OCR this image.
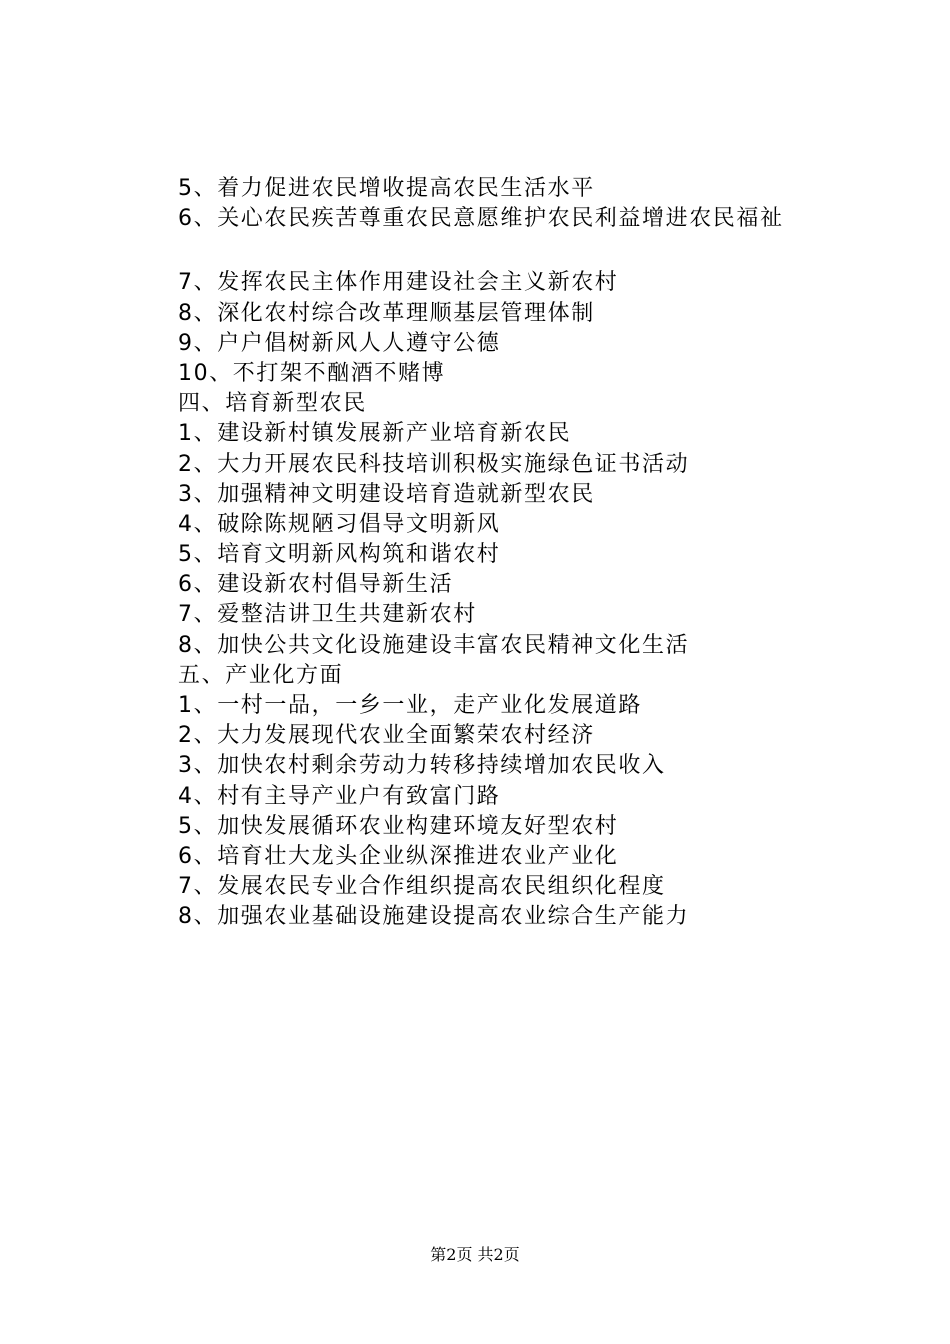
5、着力促进农民增收提高农民生活水平
6、关心农民疾苦尊重农民意愿维护农民利益增进农民福祉
7、发挥农民主体作用建设社会主义新农村
8、深化农村综合改革理顺基层管理体制
9、户户倡树新风人人遵守公德
10、不打架不酗酒不赌博
四、培育新型农民
1、建设新村镇发展新产业培育新农民
2、大力开展农民科技培训积极实施绿色证书活动
3、加强精神文明建设培育造就新型农民
4、破除陈规陋习倡导文明新风
5、培育文明新风构筑和谐农村
6、建设新农村倡导新生活
7、爱整洁讲卫生共建新农村
8、加快公共文化设施建设丰富农民精神文化生活
五、产业化方面
1、一村一品，一乡一业，走产业化发展道路
2、大力发展现代农业全面繁荣农村经济
3、加快农村剩余劳动力转移持续增加农民收入
4、村有主导产业户有致富门路
5、加快发展循环农业构建环境友好型农村
6、培育壮大龙头企业纵深推进农业产业化
7、发展农民专业合作组织提高农民组织化程度
8、加强农业基础设施建设提高农业综合生产能力
第2页 共2页
